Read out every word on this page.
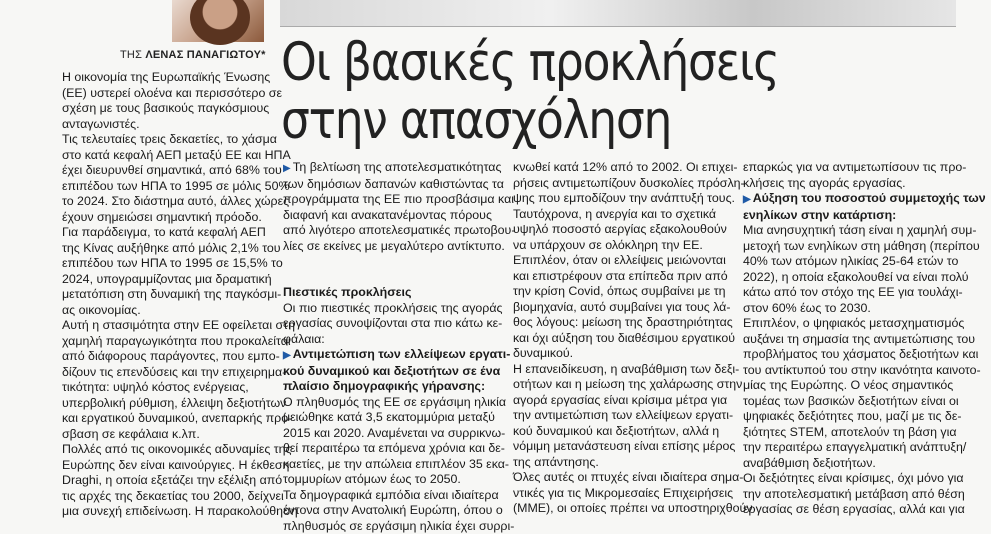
ΤΗΣ ΛΕΝΑΣ ΠΑΝΑΓΙΩΤΟΥ* Οι βασικές προκλήσεις
στην απασχόληση
Η οικονομία της Ευρωπαϊκής Ένωσης
(ΕΕ) υστερεί ολοένα και περισσότερο σε
σχέση με τους βασικούς παγκόσμιους
ανταγωνιστές.
Τις τελευταίες τρεις δεκαετίες, το χάσμα
στο κατά κεφαλή ΑΕΠ μεταξύ ΕΕ και ΗΠΑ
έχει διευρυνθεί σημαντικά, από 68% του
επιπέδου των ΗΠΑ το 1995 σε μόλις 50%
το 2024. Στο διάστημα αυτό, άλλες χώρες
έχουν σημειώσει σημαντική πρόοδο.
Για παράδειγμα, το κατά κεφαλή ΑΕΠ
της Κίνας αυξήθηκε από μόλις 2,1% του
επιπέδου των ΗΠΑ το 1995 σε 15,5% το
2024, υπογραμμίζοντας μια δραματική
μετατόπιση στη δυναμική της παγκόσμι-
ας οικονομίας.
Αυτή η στασιμότητα στην ΕΕ οφείλεται στη
χαμηλή παραγωγικότητα που προκαλείται
από διάφορους παράγοντες, που εμπο-
δίζουν τις επενδύσεις και την επιχειρημα-
τικότητα: υψηλό κόστος ενέργειας,
υπερβολική ρύθμιση, έλλειψη δεξιοτήτων
και εργατικού δυναμικού, ανεπαρκής πρό-
σβαση σε κεφάλαια κ.λπ.
Πολλές από τις οικονομικές αδυναμίες της
Ευρώπης δεν είναι καινούργιες. Η έκθεση
Draghi, η οποία εξετάζει την εξέλιξη από
τις αρχές της δεκαετίας του 2000, δείχνει
μια συνεχή επιδείνωση. Η παρακολούθηση
▶ Τη βελτίωση της αποτελεσματικότητας
των δημόσιων δαπανών καθιστώντας τα
προγράμματα της ΕΕ πιο προσβάσιμα και
διαφανή και ανακατανέμοντας πόρους
από λιγότερο αποτελεσματικές πρωτοβου-
λίες σε εκείνες με μεγαλύτερο αντίκτυπο.

Πιεστικές προκλήσεις
Οι πιο πιεστικές προκλήσεις της αγοράς
εργασίας συνοψίζονται στα πιο κάτω κε-
φάλαια:
▶ Αντιμετώπιση των ελλείψεων εργατι-
κού δυναμικού και δεξιοτήτων σε ένα
πλαίσιο δημογραφικής γήρανσης:
Ο πληθυσμός της ΕΕ σε εργάσιμη ηλικία
μειώθηκε κατά 3,5 εκατομμύρια μεταξύ
2015 και 2020. Αναμένεται να συρρικνω-
θεί περαιτέρω τα επόμενα χρόνια και δε-
καετίες, με την απώλεια επιπλέον 35 εκα-
τομμυρίων ατόμων έως το 2050.
Τα δημογραφικά εμπόδια είναι ιδιαίτερα
έντονα στην Ανατολική Ευρώπη, όπου ο
πληθυσμός σε εργάσιμη ηλικία έχει συρρι-
κνωθεί κατά 12% από το 2002. Οι επιχει-
ρήσεις αντιμετωπίζουν δυσκολίες πρόσλη-
ψης που εμποδίζουν την ανάπτυξή τους.
Ταυτόχρονα, η ανεργία και το σχετικά
υψηλό ποσοστό αεργίας εξακολουθούν
να υπάρχουν σε ολόκληρη την ΕΕ.
Επιπλέον, όταν οι ελλείψεις μειώνονται
και επιστρέφουν στα επίπεδα πριν από
την κρίση Covid, όπως συμβαίνει με τη
βιομηχανία, αυτό συμβαίνει για τους λά-
θος λόγους: μείωση της δραστηριότητας
και όχι αύξηση του διαθέσιμου εργατικού
δυναμικού.
Η επανειδίκευση, η αναβάθμιση των δεξι-
οτήτων και η μείωση της χαλάρωσης στην
αγορά εργασίας είναι κρίσιμα μέτρα για
την αντιμετώπιση των ελλείψεων εργατι-
κού δυναμικού και δεξιοτήτων, αλλά η
νόμιμη μετανάστευση είναι επίσης μέρος
της απάντησης.
Όλες αυτές οι πτυχές είναι ιδιαίτερα σημα-
ντικές για τις Μικρομεσαίες Επιχειρήσεις
(ΜΜΕ), οι οποίες πρέπει να υποστηριχθούν
επαρκώς για να αντιμετωπίσουν τις προ-
κλήσεις της αγοράς εργασίας.
▶ Αύξηση του ποσοστού συμμετοχής των
ενηλίκων στην κατάρτιση:
Μια ανησυχητική τάση είναι η χαμηλή συμ-
μετοχή των ενηλίκων στη μάθηση (περίπου
40% των ατόμων ηλικίας 25-64 ετών το
2022), η οποία εξακολουθεί να είναι πολύ
κάτω από τον στόχο της ΕΕ για τουλάχι-
στον 60% έως το 2030.
Επιπλέον, ο ψηφιακός μετασχηματισμός
αυξάνει τη σημασία της αντιμετώπισης του
προβλήματος του χάσματος δεξιοτήτων και
του αντίκτυπού του στην ικανότητα καινοτο-
μίας της Ευρώπης. Ο νέος σημαντικός
τομέας των βασικών δεξιοτήτων είναι οι
ψηφιακές δεξιότητες που, μαζί με τις δε-
ξιότητες STEM, αποτελούν τη βάση για
την περαιτέρω επαγγελματική ανάπτυξη/
αναβάθμιση δεξιοτήτων.
Οι δεξιότητες είναι κρίσιμες, όχι μόνο για
την αποτελεσματική μετάβαση από θέση
εργασίας σε θέση εργασίας, αλλά και για
